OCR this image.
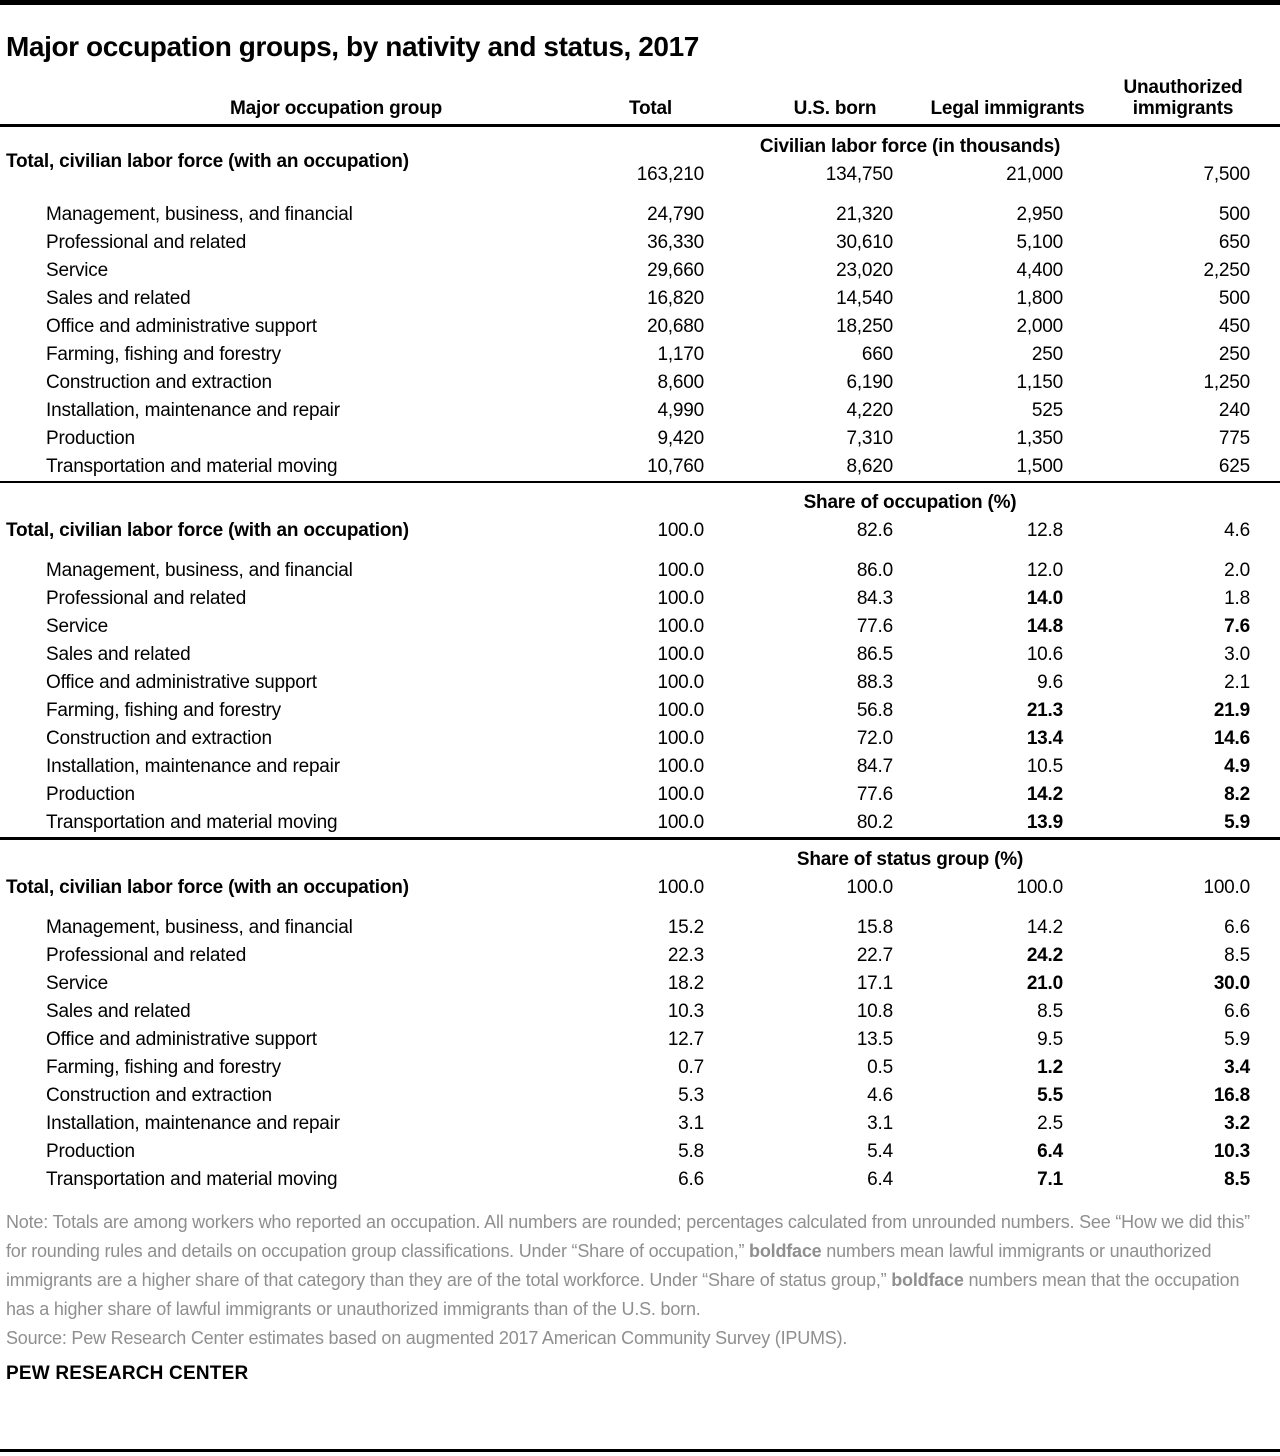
Major occupation groups, by nativity and status, 2017
Major occupation group	Total	U.S. born	Legal immigrants	Unauthorized immigrants
Civilian labor force (in thousands)
Total, civilian labor force (with an occupation)	163,210	134,750	21,000	7,500
Management, business, and financial	24,790	21,320	2,950	500
Professional and related	36,330	30,610	5,100	650
Service	29,660	23,020	4,400	2,250
Sales and related	16,820	14,540	1,800	500
Office and administrative support	20,680	18,250	2,000	450
Farming, fishing and forestry	1,170	660	250	250
Construction and extraction	8,600	6,190	1,150	1,250
Installation, maintenance and repair	4,990	4,220	525	240
Production	9,420	7,310	1,350	775
Transportation and material moving	10,760	8,620	1,500	625
Share of occupation (%)
Total, civilian labor force (with an occupation)	100.0	82.6	12.8	4.6
Management, business, and financial	100.0	86.0	12.0	2.0
Professional and related	100.0	84.3	14.0	1.8
Service	100.0	77.6	14.8	7.6
Sales and related	100.0	86.5	10.6	3.0
Office and administrative support	100.0	88.3	9.6	2.1
Farming, fishing and forestry	100.0	56.8	21.3	21.9
Construction and extraction	100.0	72.0	13.4	14.6
Installation, maintenance and repair	100.0	84.7	10.5	4.9
Production	100.0	77.6	14.2	8.2
Transportation and material moving	100.0	80.2	13.9	5.9
Share of status group (%)
Total, civilian labor force (with an occupation)	100.0	100.0	100.0	100.0
Management, business, and financial	15.2	15.8	14.2	6.6
Professional and related	22.3	22.7	24.2	8.5
Service	18.2	17.1	21.0	30.0
Sales and related	10.3	10.8	8.5	6.6
Office and administrative support	12.7	13.5	9.5	5.9
Farming, fishing and forestry	0.7	0.5	1.2	3.4
Construction and extraction	5.3	4.6	5.5	16.8
Installation, maintenance and repair	3.1	3.1	2.5	3.2
Production	5.8	5.4	6.4	10.3
Transportation and material moving	6.6	6.4	7.1	8.5

Note: Totals are among workers who reported an occupation. All numbers are rounded; percentages calculated from unrounded numbers. See “How we did this” for rounding rules and details on occupation group classifications. Under “Share of occupation,” boldface numbers mean lawful immigrants or unauthorized immigrants are a higher share of that category than they are of the total workforce. Under “Share of status group,” boldface numbers mean that the occupation has a higher share of lawful immigrants or unauthorized immigrants than of the U.S. born.

Source: Pew Research Center estimates based on augmented 2017 American Community Survey (IPUMS).
PEW RESEARCH CENTER
